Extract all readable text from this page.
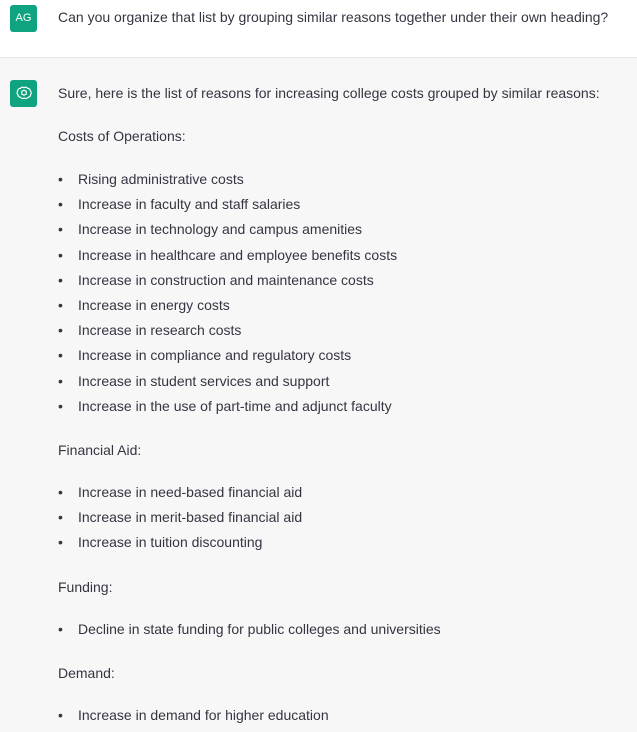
AG	Can you organize that list by grouping similar reasons together under their own heading?
Sure, here is the list of reasons for increasing college costs grouped by similar reasons:
Costs of Operations:
• Rising administrative costs
• Increase in faculty and staff salaries
• Increase in technology and campus amenities
• Increase in healthcare and employee benefits costs
• Increase in construction and maintenance costs
• Increase in energy costs
• Increase in research costs
• Increase in compliance and regulatory costs
• Increase in student services and support
• Increase in the use of part-time and adjunct faculty
Financial Aid:
• Increase in need-based financial aid
• Increase in merit-based financial aid
• Increase in tuition discounting
Funding:
• Decline in state funding for public colleges and universities
Demand:
• Increase in demand for higher education
